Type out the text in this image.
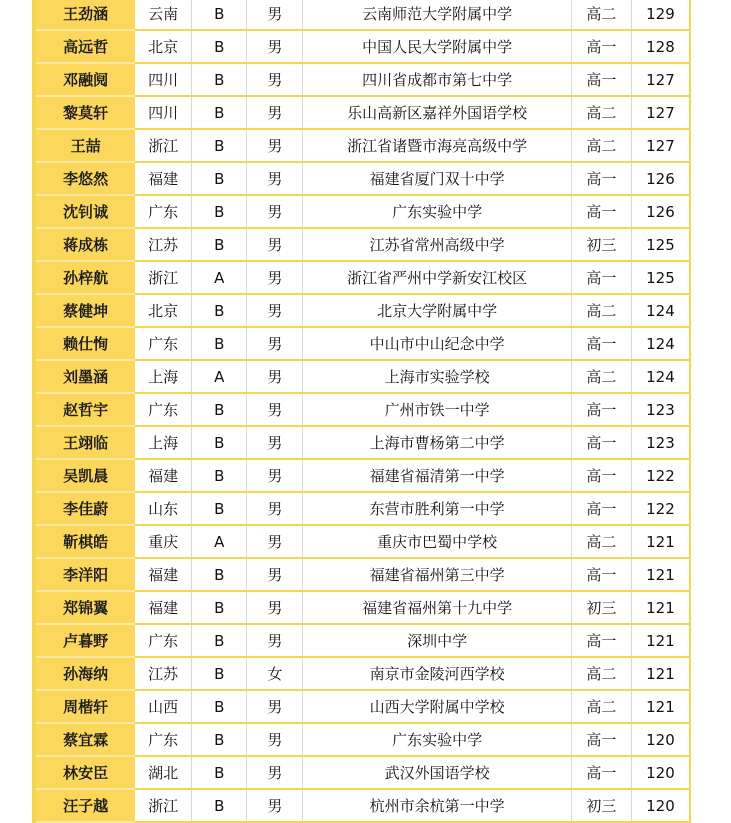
王劲涵	云南	B	男	云南师范大学附属中学	高二	129
高远哲	北京	B	男	中国人民大学附属中学	高一	128
邓融阋	四川	B	男	四川省成都市第七中学	高一	127
黎莫轩	四川	B	男	乐山高新区嘉祥外国语学校	高二	127
王喆	浙江	B	男	浙江省诸暨市海亮高级中学	高二	127
李悠然	福建	B	男	福建省厦门双十中学	高一	126
沈钊诚	广东	B	男	广东实验中学	高一	126
蒋成栋	江苏	B	男	江苏省常州高级中学	初三	125
孙梓航	浙江	A	男	浙江省严州中学新安江校区	高一	125
蔡健坤	北京	B	男	北京大学附属中学	高二	124
赖仕恂	广东	B	男	中山市中山纪念中学	高一	124
刘墨涵	上海	A	男	上海市实验学校	高二	124
赵哲宇	广东	B	男	广州市铁一中学	高一	123
王翊临	上海	B	男	上海市曹杨第二中学	高一	123
吴凯晨	福建	B	男	福建省福清第一中学	高一	122
李佳蔚	山东	B	男	东营市胜利第一中学	高一	122
靳棋皓	重庆	A	男	重庆市巴蜀中学校	高二	121
李洋阳	福建	B	男	福建省福州第三中学	高一	121
郑锦翼	福建	B	男	福建省福州第十九中学	初三	121
卢暮野	广东	B	男	深圳中学	高一	121
孙海纳	江苏	B	女	南京市金陵河西学校	高二	121
周楷轩	山西	B	男	山西大学附属中学校	高二	121
蔡宜霖	广东	B	男	广东实验中学	高一	120
林安臣	湖北	B	男	武汉外国语学校	高一	120
汪子越	浙江	B	男	杭州市余杭第一中学	初三	120
